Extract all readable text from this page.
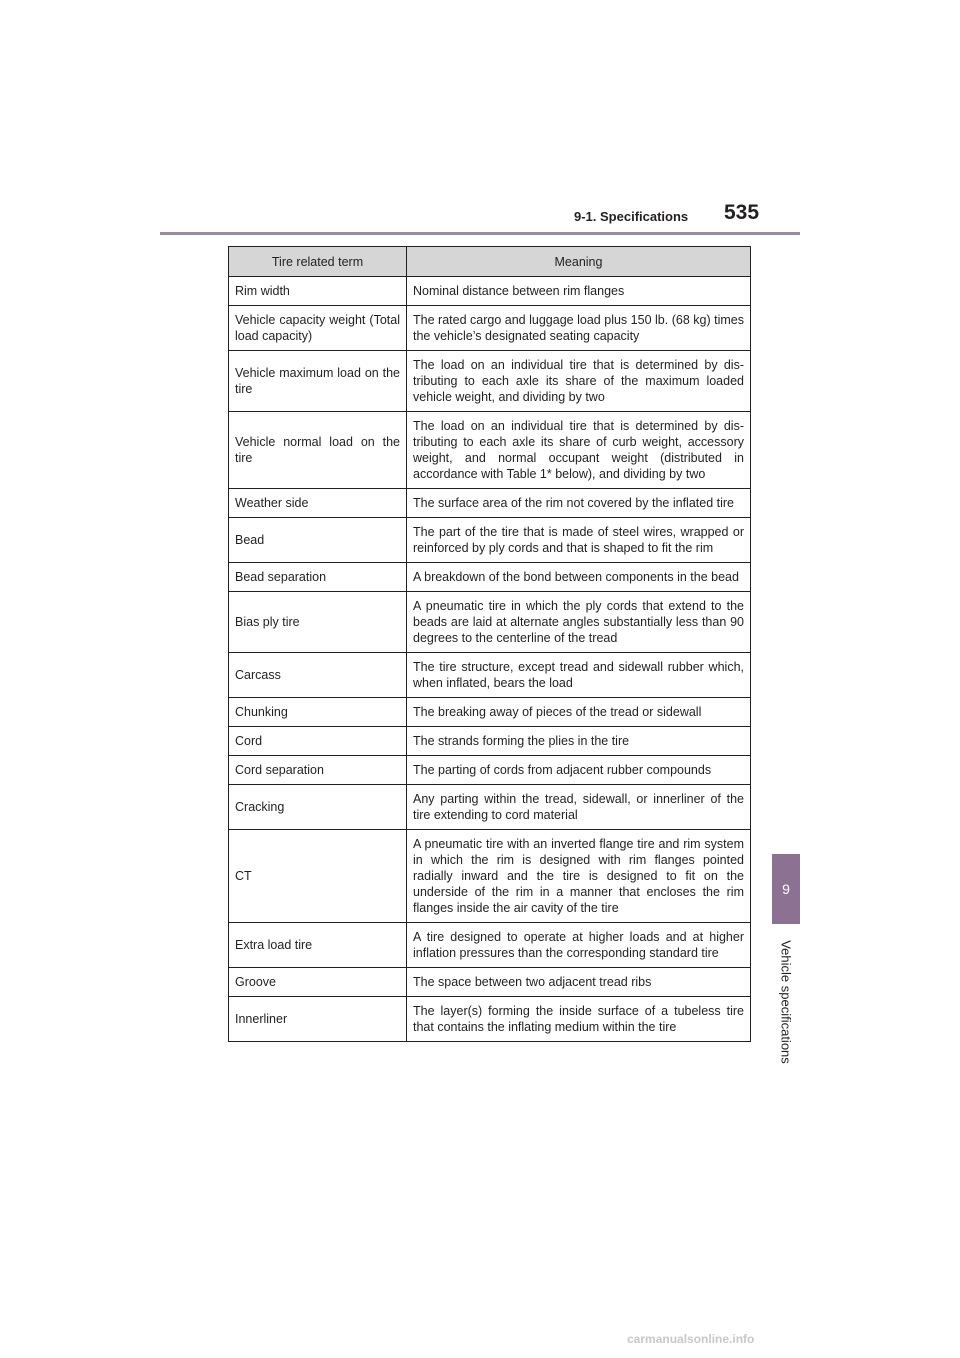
9-1. Specifications 535
9
Vehicle specifications
Tire related term	Meaning
Rim width	Nominal distance between rim flanges
Vehicle capacity weight (Total load capacity)	The rated cargo and luggage load plus 150 lb. (68 kg) times the vehicle’s designated seating capacity
Vehicle maximum load on the tire	The load on an individual tire that is determined by dis-tributing to each axle its share of the maximum loaded vehicle weight, and dividing by two
Vehicle normal load on the tire	The load on an individual tire that is determined by dis-tributing to each axle its share of curb weight, accessory weight, and normal occupant weight (distributed in accordance with Table 1* below), and dividing by two
Weather side	The surface area of the rim not covered by the inflated tire
Bead	The part of the tire that is made of steel wires, wrapped or reinforced by ply cords and that is shaped to fit the rim
Bead separation	A breakdown of the bond between components in the bead
Bias ply tire	A pneumatic tire in which the ply cords that extend to the beads are laid at alternate angles substantially less than 90 degrees to the centerline of the tread
Carcass	The tire structure, except tread and sidewall rubber which, when inflated, bears the load
Chunking	The breaking away of pieces of the tread or sidewall
Cord	The strands forming the plies in the tire
Cord separation	The parting of cords from adjacent rubber compounds
Cracking	Any parting within the tread, sidewall, or innerliner of the tire extending to cord material
CT	A pneumatic tire with an inverted flange tire and rim system in which the rim is designed with rim flanges pointed radially inward and the tire is designed to fit on the underside of the rim in a manner that encloses the rim flanges inside the air cavity of the tire
Extra load tire	A tire designed to operate at higher loads and at higher inflation pressures than the corresponding standard tire
Groove	The space between two adjacent tread ribs
Innerliner	The layer(s) forming the inside surface of a tubeless tire that contains the inflating medium within the tire
carmanualsonline.info
